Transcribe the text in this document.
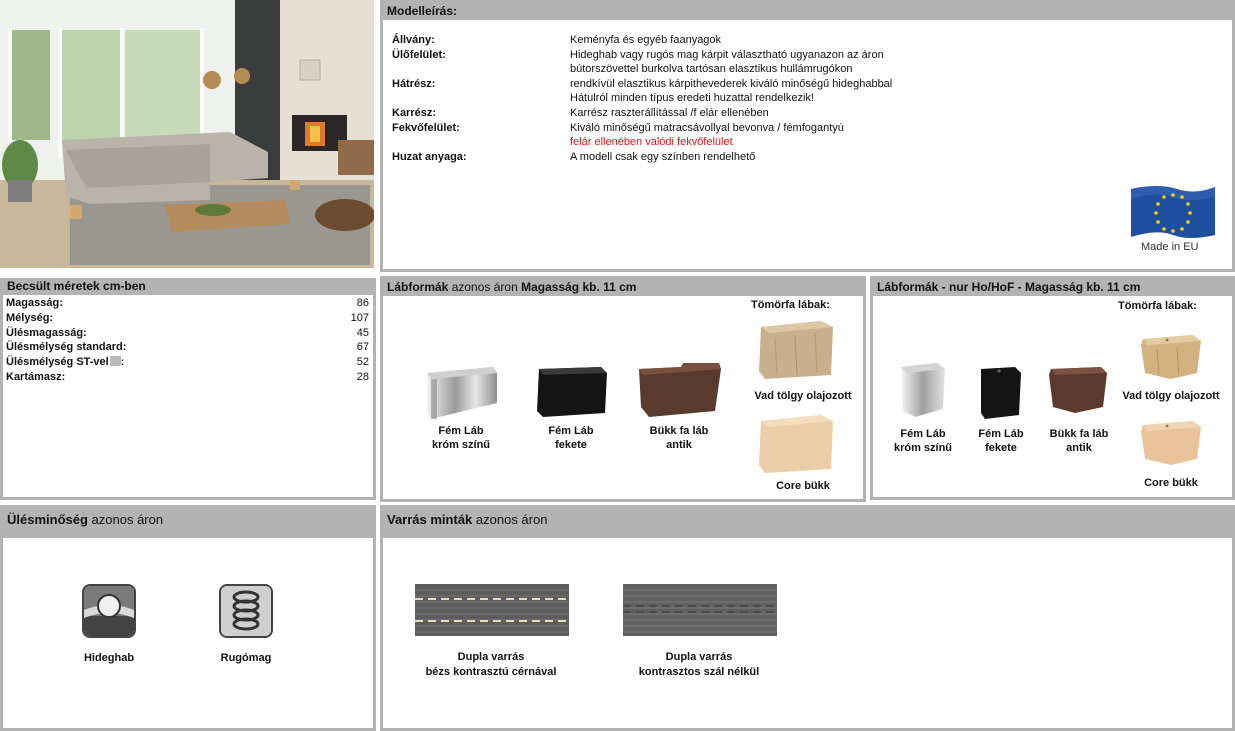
Modelleírás:
Állvány:	Keményfa és egyéb faanyagok
Ülőfelület:	Hideghab vagy rugós mag kárpit választható ugyanazon az áron
bútorszövettel burkolva tartósan elasztikus hullámrugókon
Hátrész:	rendkívül elasztikus kárpithevederek kiváló minőségű hideghabbal
Hátulról minden típus eredeti huzattal rendelkezik!
Karrész:	Karrész raszterállítással /f elár ellenében
Fekvőfelület:	Kiváló minőségű matracsávollyal bevonva / fémfogantyú
felár ellenében valódi fekvőfelület
Huzat anyaga:	A modell csak egy színben rendelhető
Made in EU
Becsült méretek cm-ben
Magasság:	86
Mélység:	107
Ülésmagasság:	45
Ülésmélység standard:	67
Ülésmélység ST-vel :	52
Kartámasz:	28
Lábformák azonos áron Magasság kb. 11 cm
Tömörfa lábak:
Fém Láb
króm színű
Fém Láb
fekete
Bükk fa láb
antik
Vad tölgy olajozott
Core bükk
Lábformák - nur Ho/HoF - Magasság kb. 11 cm
Tömörfa lábak:
Fém Láb
króm színű
Fém Láb
fekete
Bükk fa láb
antik
Vad tölgy olajozott
Core bükk
Ülésminőség azonos áron
Hideghab	Rugómag
Varrás minták azonos áron
Dupla varrás
bézs kontrasztú cérnával
Dupla varrás
kontrasztos szál nélkül
